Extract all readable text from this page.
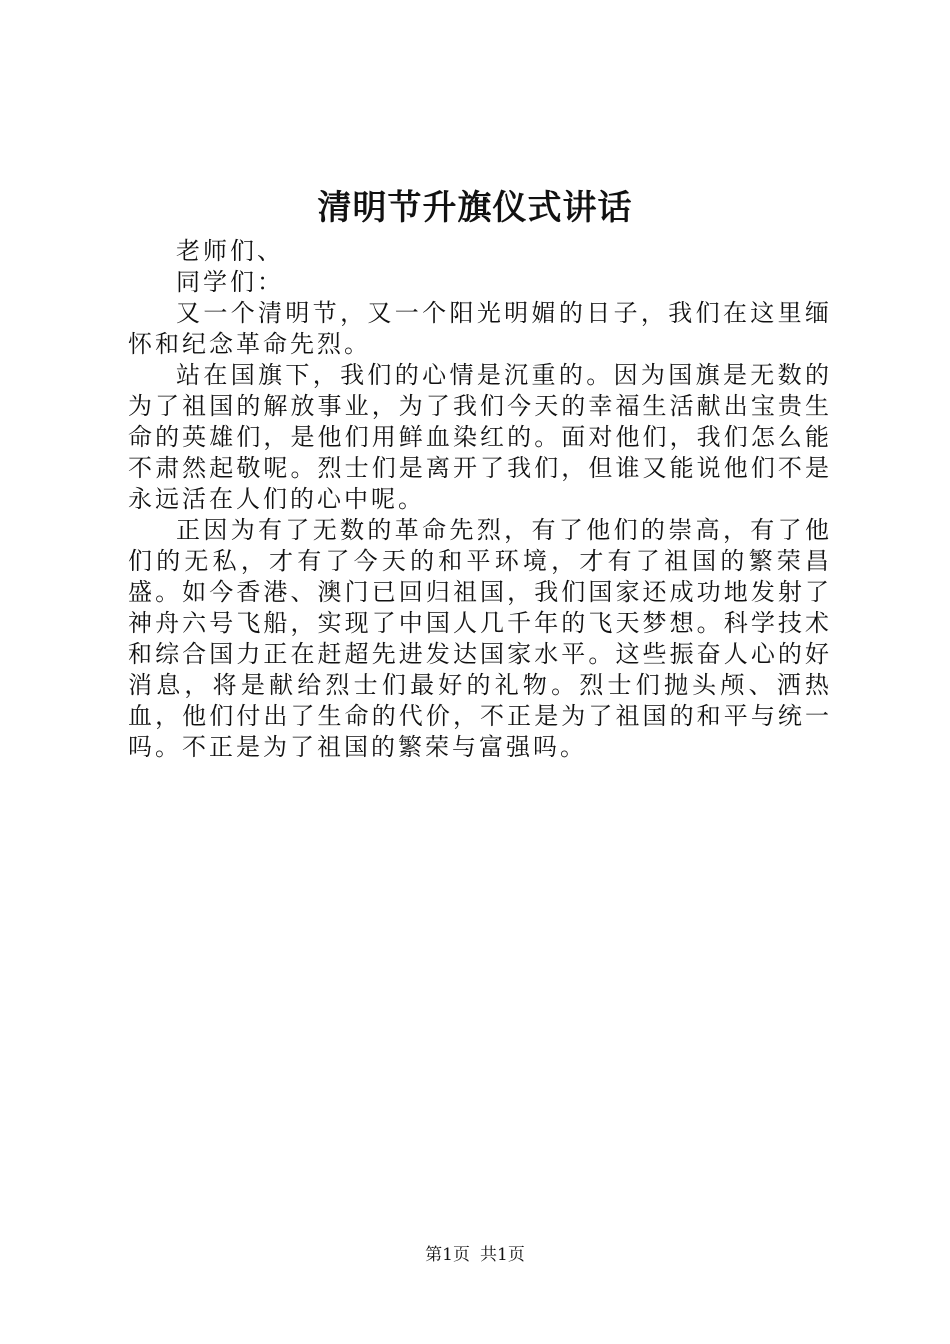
清明节升旗仪式讲话

老师们、

同学们：

又一个清明节，又一个阳光明媚的日子，我们在这里缅怀和纪念革命先烈。

站在国旗下，我们的心情是沉重的。因为国旗是无数的为了祖国的解放事业，为了我们今天的幸福生活献出宝贵生命的英雄们，是他们用鲜血染红的。面对他们，我们怎么能不肃然起敬呢。烈士们是离开了我们，但谁又能说他们不是永远活在人们的心中呢。

正因为有了无数的革命先烈，有了他们的崇高，有了他们的无私，才有了今天的和平环境，才有了祖国的繁荣昌盛。如今香港、澳门已回归祖国，我们国家还成功地发射了神舟六号飞船，实现了中国人几千年的飞天梦想。科学技术和综合国力正在赶超先进发达国家水平。这些振奋人心的好消息，将是献给烈士们最好的礼物。烈士们抛头颅、洒热血，他们付出了生命的代价，不正是为了祖国的和平与统一吗。不正是为了祖国的繁荣与富强吗。

第1页 共1页
